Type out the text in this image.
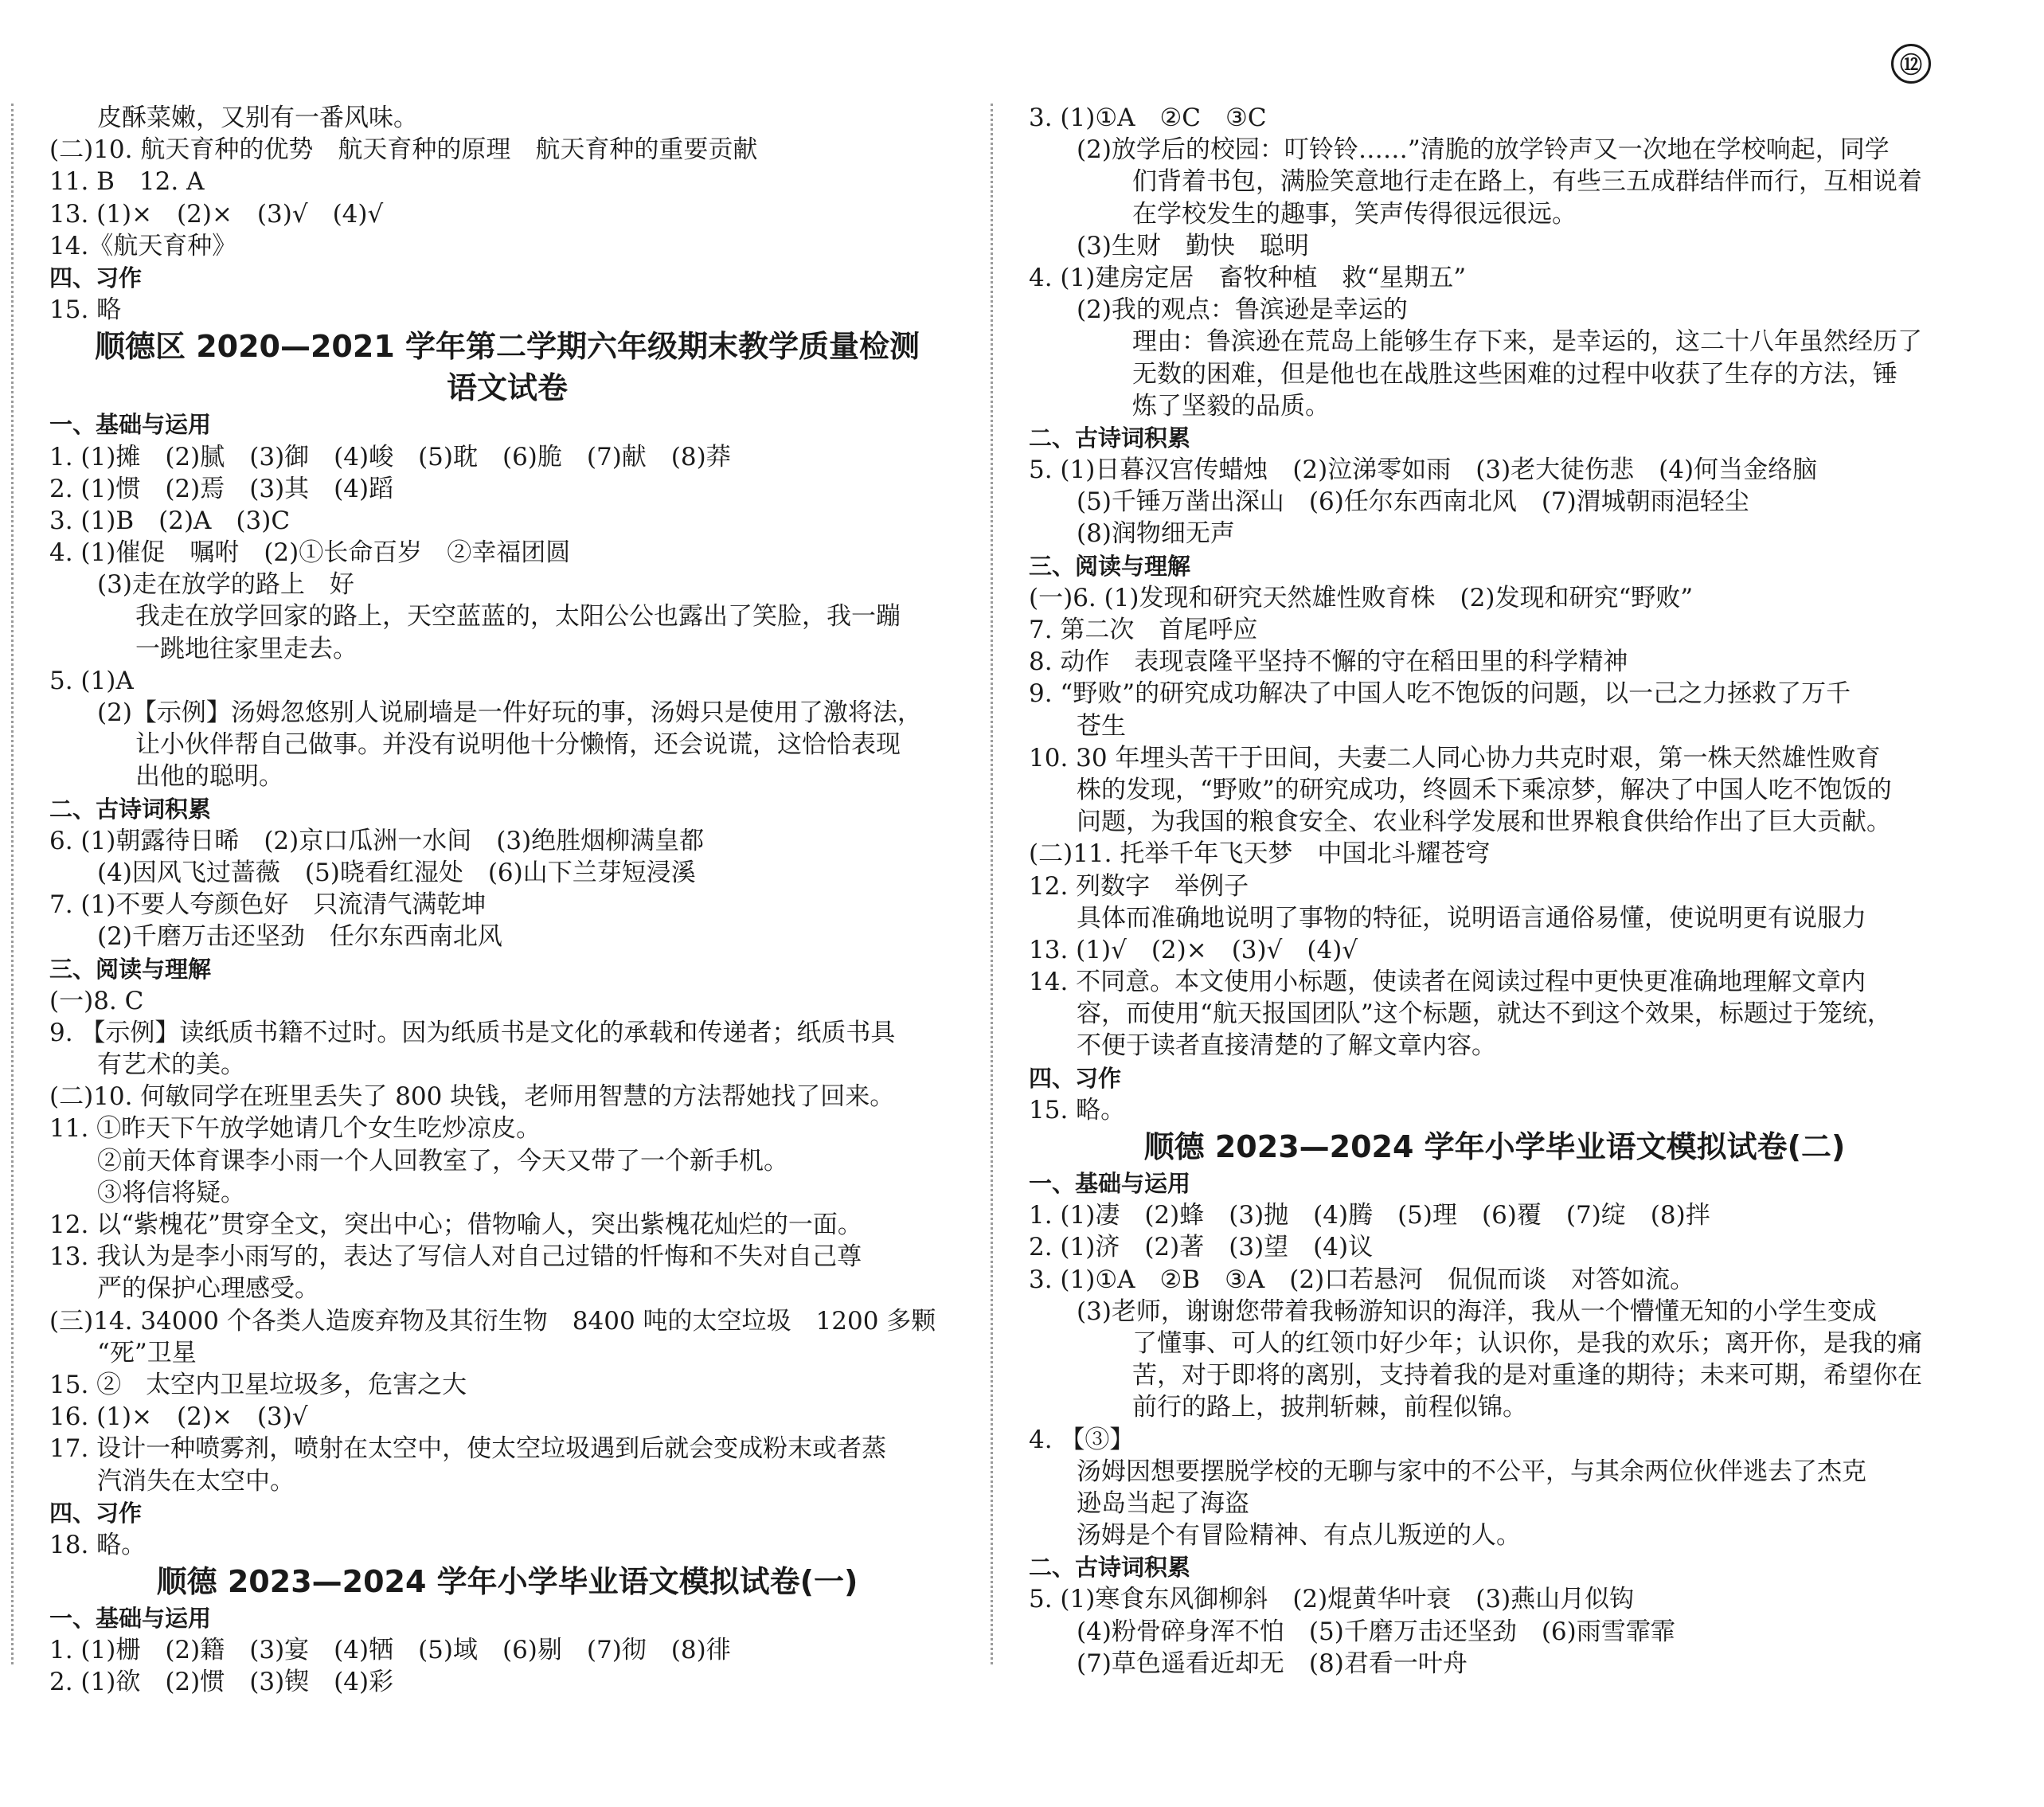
⑫
皮酥菜嫩，又别有一番风味。
(二)10. 航天育种的优势　航天育种的原理　航天育种的重要贡献
11. B　12. A
13. (1)×　(2)×　(3)√　(4)√
14.《航天育种》
四、习作
15. 略
顺德区 2020—2021 学年第二学期六年级期末教学质量检测
语文试卷
一、基础与运用
1. (1)摊　(2)腻　(3)御　(4)峻　(5)耽　(6)脆　(7)献　(8)莽
2. (1)惯　(2)焉　(3)其　(4)蹈
3. (1)B　(2)A　(3)C
4. (1)催促　嘱咐　(2)①长命百岁　②幸福团圆
(3)走在放学的路上　好
我走在放学回家的路上，天空蓝蓝的，太阳公公也露出了笑脸，我一蹦
一跳地往家里走去。
5. (1)A
(2)【示例】汤姆忽悠别人说刷墙是一件好玩的事，汤姆只是使用了激将法，
让小伙伴帮自己做事。并没有说明他十分懒惰，还会说谎，这恰恰表现
出他的聪明。
二、古诗词积累
6. (1)朝露待日晞　(2)京口瓜洲一水间　(3)绝胜烟柳满皇都
(4)因风飞过蔷薇　(5)晓看红湿处　(6)山下兰芽短浸溪
7. (1)不要人夸颜色好　只流清气满乾坤
(2)千磨万击还坚劲　任尔东西南北风
三、阅读与理解
(一)8. C
9. 【示例】读纸质书籍不过时。因为纸质书是文化的承载和传递者；纸质书具
有艺术的美。
(二)10. 何敏同学在班里丢失了 800 块钱，老师用智慧的方法帮她找了回来。
11. ①昨天下午放学她请几个女生吃炒凉皮。
②前天体育课李小雨一个人回教室了，今天又带了一个新手机。
③将信将疑。
12. 以“紫槐花”贯穿全文，突出中心；借物喻人，突出紫槐花灿烂的一面。
13. 我认为是李小雨写的，表达了写信人对自己过错的忏悔和不失对自己尊
严的保护心理感受。
(三)14. 34000 个各类人造废弃物及其衍生物　8400 吨的太空垃圾　1200 多颗
“死”卫星
15. ②　太空内卫星垃圾多，危害之大
16. (1)×　(2)×　(3)√
17. 设计一种喷雾剂，喷射在太空中，使太空垃圾遇到后就会变成粉末或者蒸
汽消失在太空中。
四、习作
18. 略。
顺德 2023—2024 学年小学毕业语文模拟试卷(一)
一、基础与运用
1. (1)栅　(2)籍　(3)宴　(4)牺　(5)域　(6)剔　(7)彻　(8)徘
2. (1)欲　(2)惯　(3)锲　(4)彩
3. (1)①A　②C　③C
(2)放学后的校园：叮铃铃……”清脆的放学铃声又一次地在学校响起，同学
们背着书包，满脸笑意地行走在路上，有些三五成群结伴而行，互相说着
在学校发生的趣事，笑声传得很远很远。
(3)生财　勤快　聪明
4. (1)建房定居　畜牧种植　救“星期五”
(2)我的观点：鲁滨逊是幸运的
理由：鲁滨逊在荒岛上能够生存下来，是幸运的，这二十八年虽然经历了
无数的困难，但是他也在战胜这些困难的过程中收获了生存的方法，锤
炼了坚毅的品质。
二、古诗词积累
5. (1)日暮汉宫传蜡烛　(2)泣涕零如雨　(3)老大徒伤悲　(4)何当金络脑
(5)千锤万凿出深山　(6)任尔东西南北风　(7)渭城朝雨浥轻尘
(8)润物细无声
三、阅读与理解
(一)6. (1)发现和研究天然雄性败育株　(2)发现和研究“野败”
7. 第二次　首尾呼应
8. 动作　表现袁隆平坚持不懈的守在稻田里的科学精神
9. “野败”的研究成功解决了中国人吃不饱饭的问题，以一己之力拯救了万千
苍生
10. 30 年埋头苦干于田间，夫妻二人同心协力共克时艰，第一株天然雄性败育
株的发现，“野败”的研究成功，终圆禾下乘凉梦，解决了中国人吃不饱饭的
问题，为我国的粮食安全、农业科学发展和世界粮食供给作出了巨大贡献。
(二)11. 托举千年飞天梦　中国北斗耀苍穹
12. 列数字　举例子
具体而准确地说明了事物的特征，说明语言通俗易懂，使说明更有说服力
13. (1)√　(2)×　(3)√　(4)√
14. 不同意。本文使用小标题，使读者在阅读过程中更快更准确地理解文章内
容，而使用“航天报国团队”这个标题，就达不到这个效果，标题过于笼统，
不便于读者直接清楚的了解文章内容。
四、习作
15. 略。
顺德 2023—2024 学年小学毕业语文模拟试卷(二)
一、基础与运用
1. (1)凄　(2)蜂　(3)抛　(4)腾　(5)理　(6)覆　(7)绽　(8)拌
2. (1)济　(2)著　(3)望　(4)议
3. (1)①A　②B　③A　(2)口若悬河　侃侃而谈　对答如流。
(3)老师，谢谢您带着我畅游知识的海洋，我从一个懵懂无知的小学生变成
了懂事、可人的红领巾好少年；认识你，是我的欢乐；离开你，是我的痛
苦，对于即将的离别，支持着我的是对重逢的期待；未来可期，希望你在
前行的路上，披荆斩棘，前程似锦。
4. 【③】
汤姆因想要摆脱学校的无聊与家中的不公平，与其余两位伙伴逃去了杰克
逊岛当起了海盗
汤姆是个有冒险精神、有点儿叛逆的人。
二、古诗词积累
5. (1)寒食东风御柳斜　(2)焜黄华叶衰　(3)燕山月似钩
(4)粉骨碎身浑不怕　(5)千磨万击还坚劲　(6)雨雪霏霏
(7)草色遥看近却无　(8)君看一叶舟
